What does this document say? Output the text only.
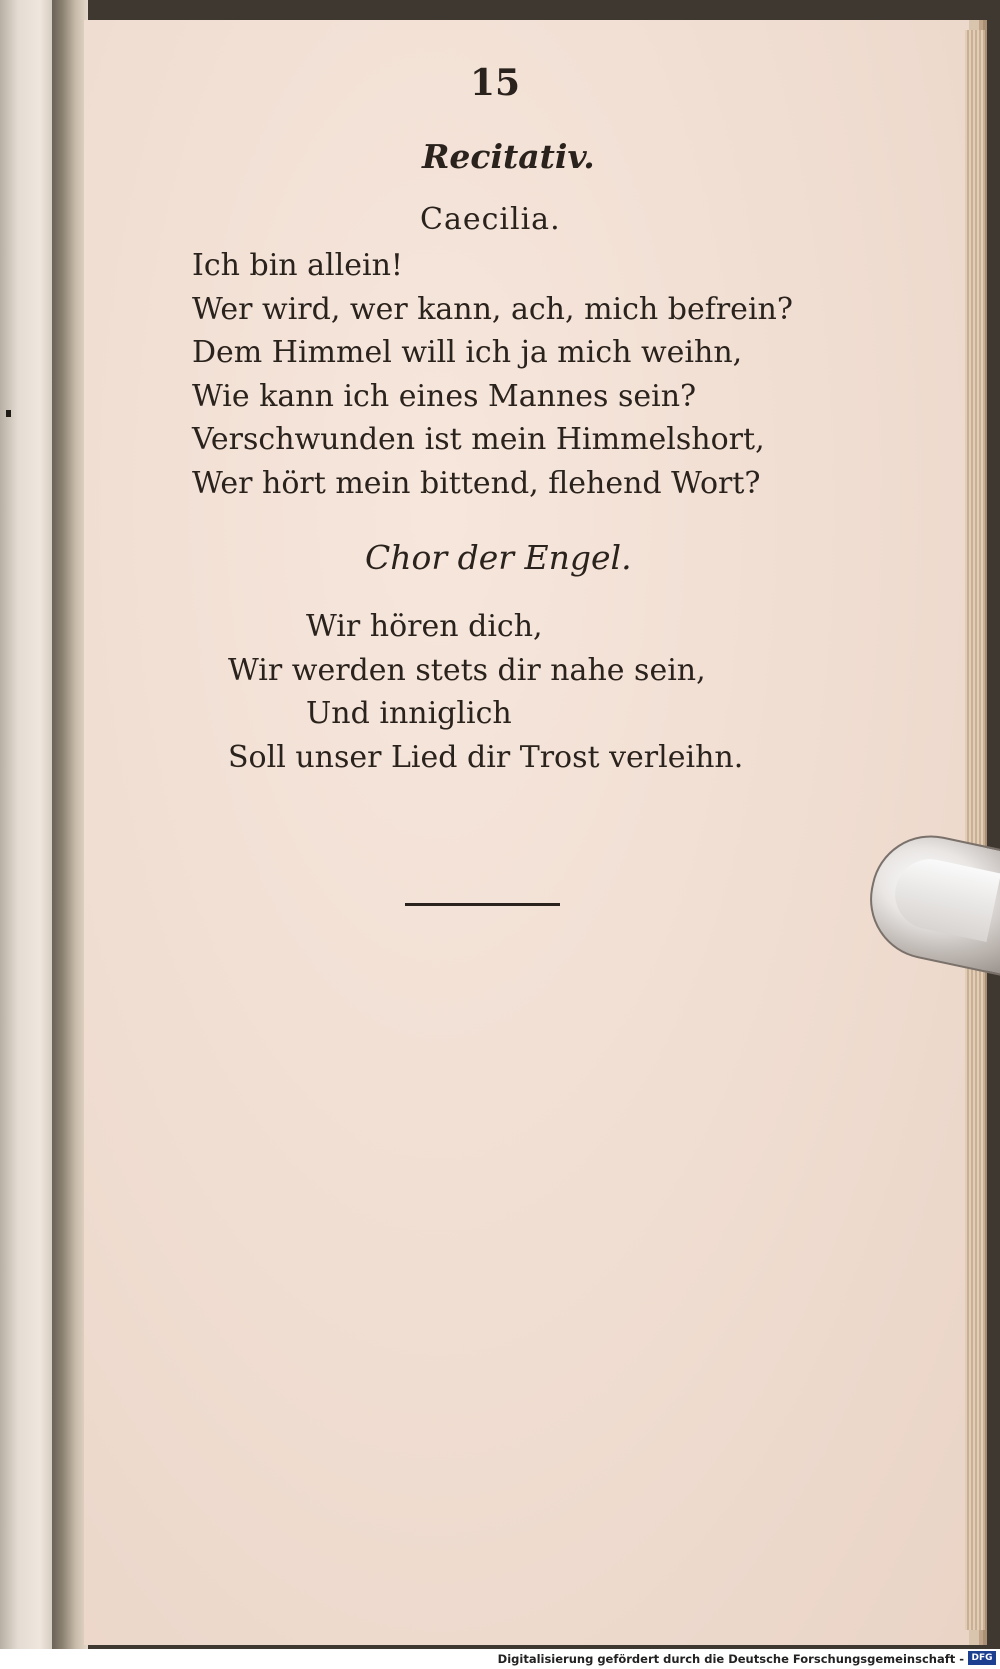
15
Recitativ.
Caecilia.
Ich bin allein!
Wer wird, wer kann, ach, mich befrein?
Dem Himmel will ich ja mich weihn,
Wie kann ich eines Mannes sein?
Verschwunden ist mein Himmelshort,
Wer hört mein bittend, flehend Wort?
Chor der Engel.
Wir hören dich,
Wir werden stets dir nahe sein,
Und inniglich
Soll unser Lied dir Trost verleihn.
Digitalisierung gefördert durch die Deutsche Forschungsgemeinschaft - DFG
